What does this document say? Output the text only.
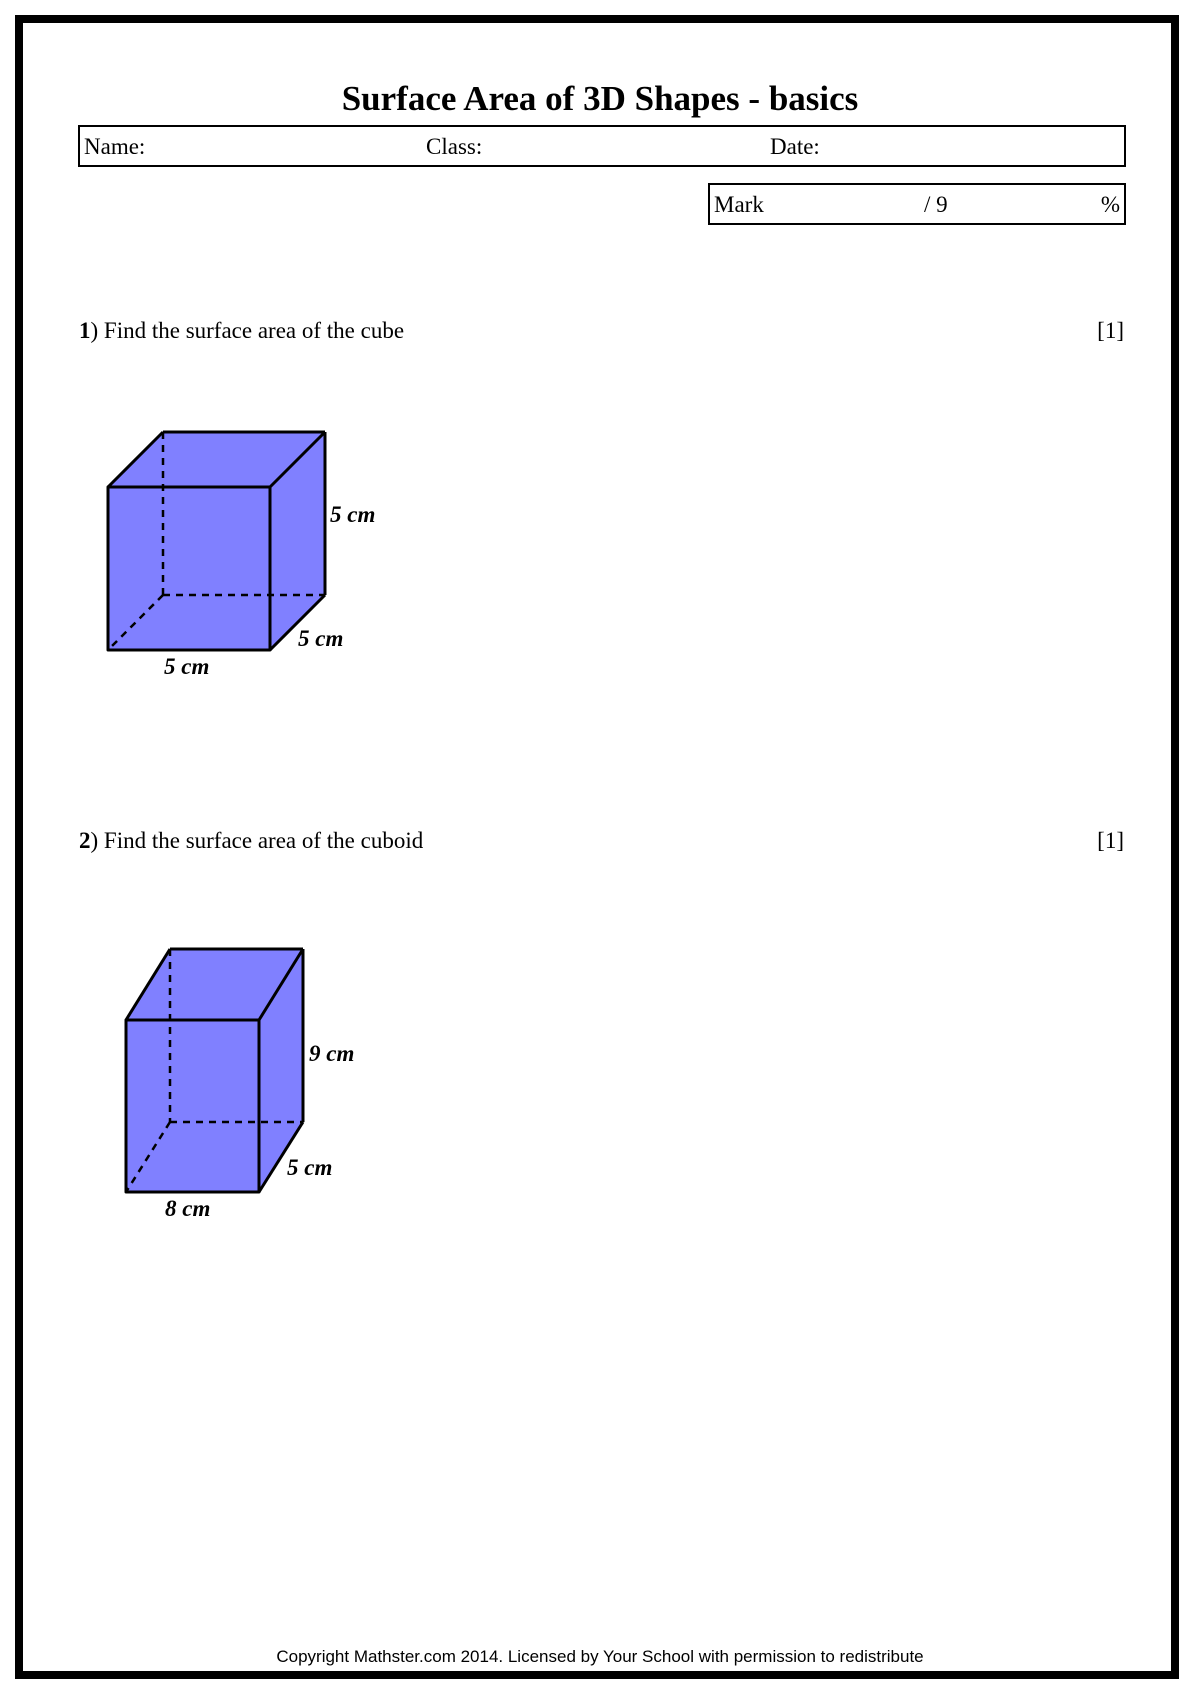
Surface Area of 3D Shapes - basics
Name:	Class:	Date:
Mark	/ 9	%
1) Find the surface area of the cube	[1]
5 cm
5 cm
5 cm
2) Find the surface area of the cuboid	[1]
9 cm
5 cm
8 cm
Copyright Mathster.com 2014. Licensed by Your School with permission to redistribute
